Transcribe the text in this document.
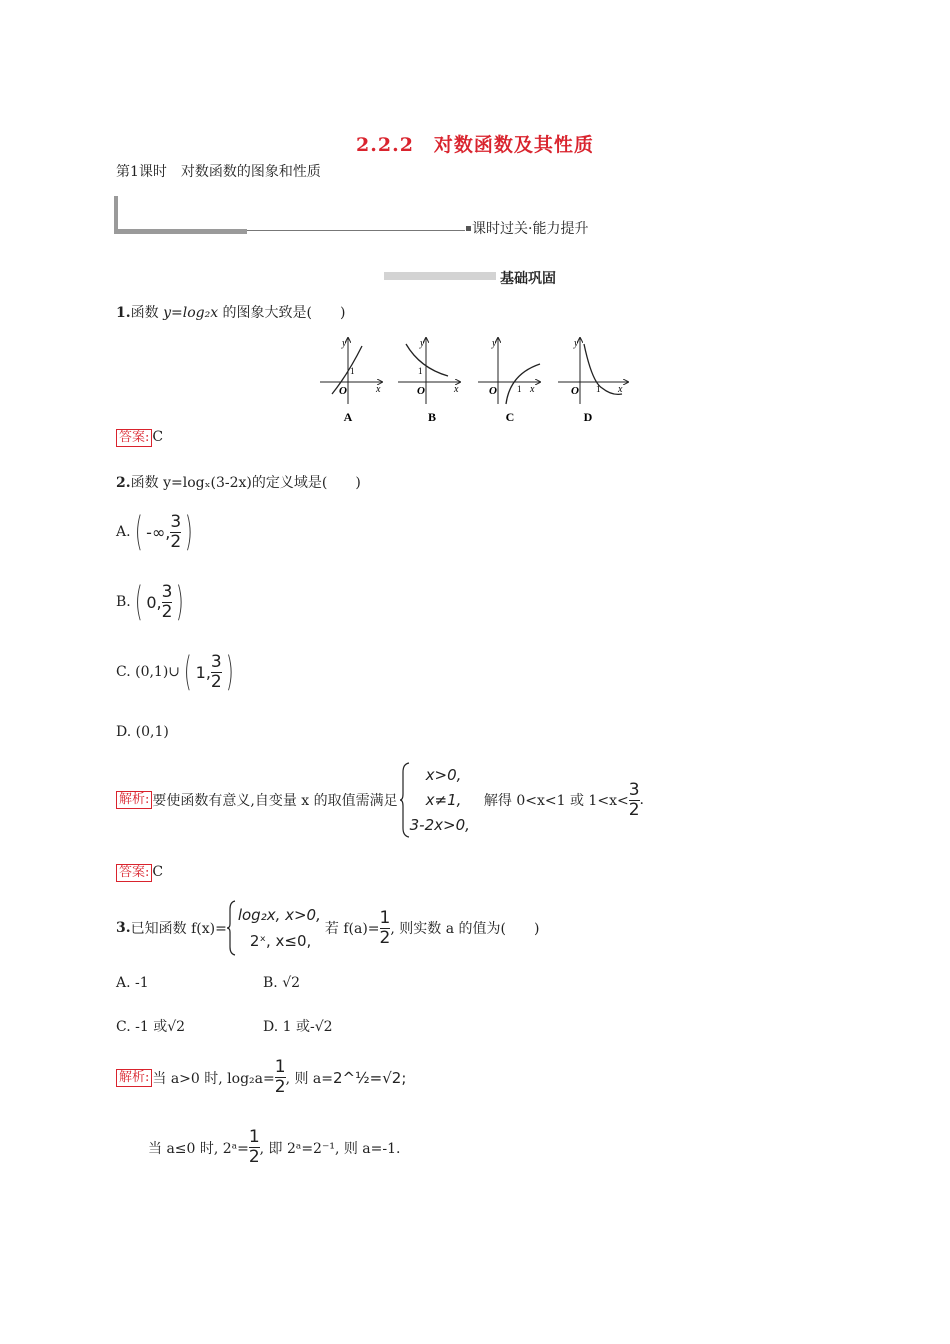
2.2.2　对数函数及其性质
第1课时　对数函数的图象和性质
课时过关·能力提升
基础巩固
1.函数 y=log₂x 的图象大致是(　　)
y
x
O
1
A
y
x
O
1
B
y
x
O 1
C
y
x
O 1
D
答案: C
2.函数 y=logₓ(3-2x)的定义域是(　　)
A. ( -∞, $\frac{3}{2}$ )
B. ( 0, $\frac{3}{2}$ )
C. (0,1)∪ ( 1, $\frac{3}{2}$ )
D. (0,1)
解析: 要使函数有意义,自变量 x 的取值需满足
x>0,
x≠1,
3-2x>0,
解得 0<x<1 或 $1<x< \frac{3}{2}$ .
答案: C
3. 已知函数 f(x)=
log₂x, x>0,
2ˣ, x≤0,
若 $f(a)= \frac{1}{2}$ , 则实数 a 的值为(　　)
A. -1	B. √2
C. -1 或√2	D. 1 或-√2
解析: 当 a>0 时, $\log_2a= \frac{1}{2}$ , 则 a= 2^½=√2;
当 a≤0 时, 2ᵃ= $\frac{1}{2}$ , 即 2ᵃ=2⁻¹, 则 a=-1.
